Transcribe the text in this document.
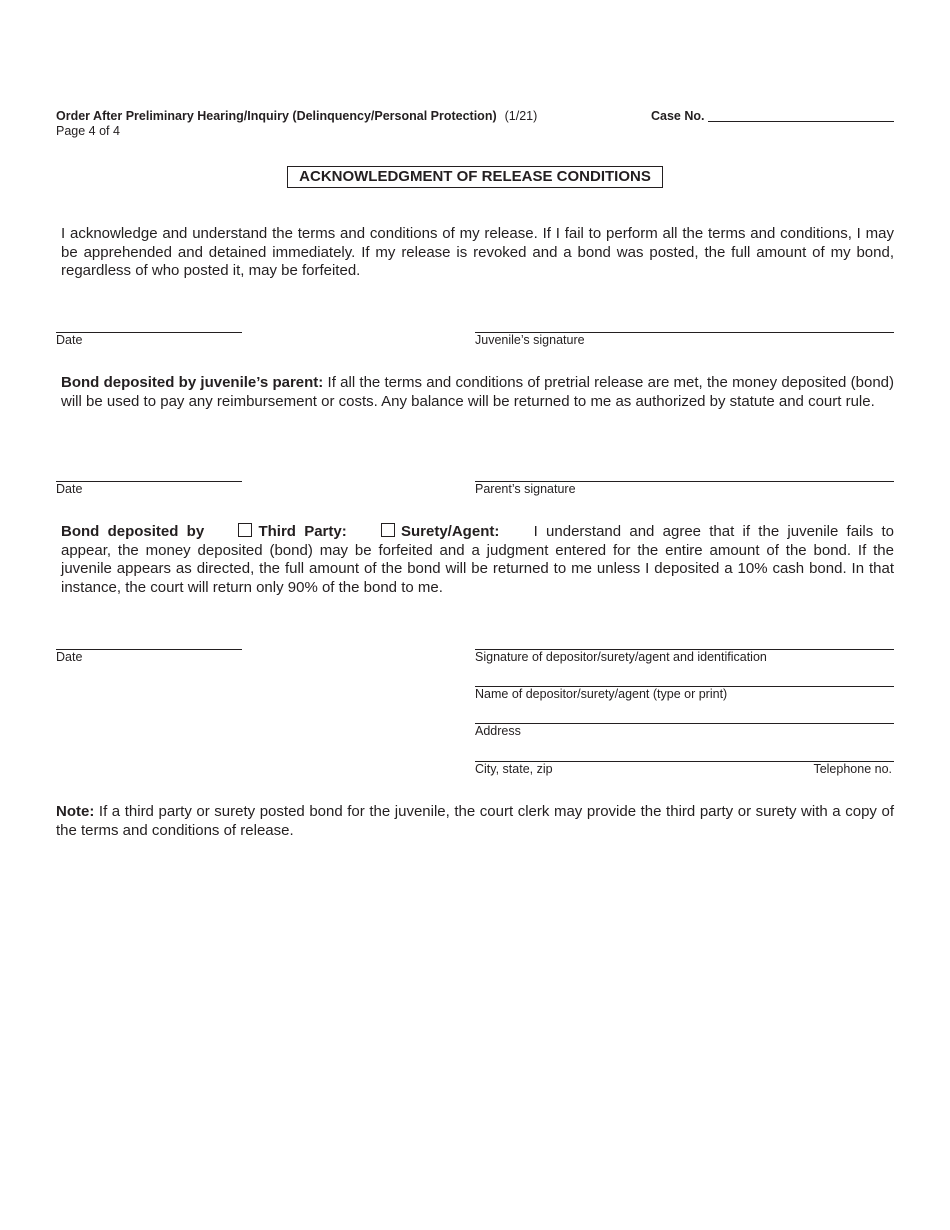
Order After Preliminary Hearing/Inquiry (Delinquency/Personal Protection) (1/21)
Page 4 of 4
Case No.
ACKNOWLEDGMENT OF RELEASE CONDITIONS
I acknowledge and understand the terms and conditions of my release. If I fail to perform all the terms and conditions, I may be apprehended and detained immediately. If my release is revoked and a bond was posted, the full amount of my bond, regardless of who posted it, may be forfeited.
Date	Juvenile’s signature
Bond deposited by juvenile’s parent: If all the terms and conditions of pretrial release are met, the money deposited (bond) will be used to pay any reimbursement or costs. Any balance will be returned to me as authorized by statute and court rule.
Date	Parent’s signature
Bond deposited by	Third Party:	Surety/Agent: I understand and agree that if the juvenile fails to
appear, the money deposited (bond) may be forfeited and a judgment entered for the entire amount of the bond. If the juvenile appears as directed, the full amount of the bond will be returned to me unless I deposited a 10% cash bond. In that instance, the court will return only 90% of the bond to me.
Date	Signature of depositor/surety/agent and identification
Name of depositor/surety/agent (type or print)
Address
City, state, zip	Telephone no.
Note: If a third party or surety posted bond for the juvenile, the court clerk may provide the third party or surety with a copy of the terms and conditions of release.
